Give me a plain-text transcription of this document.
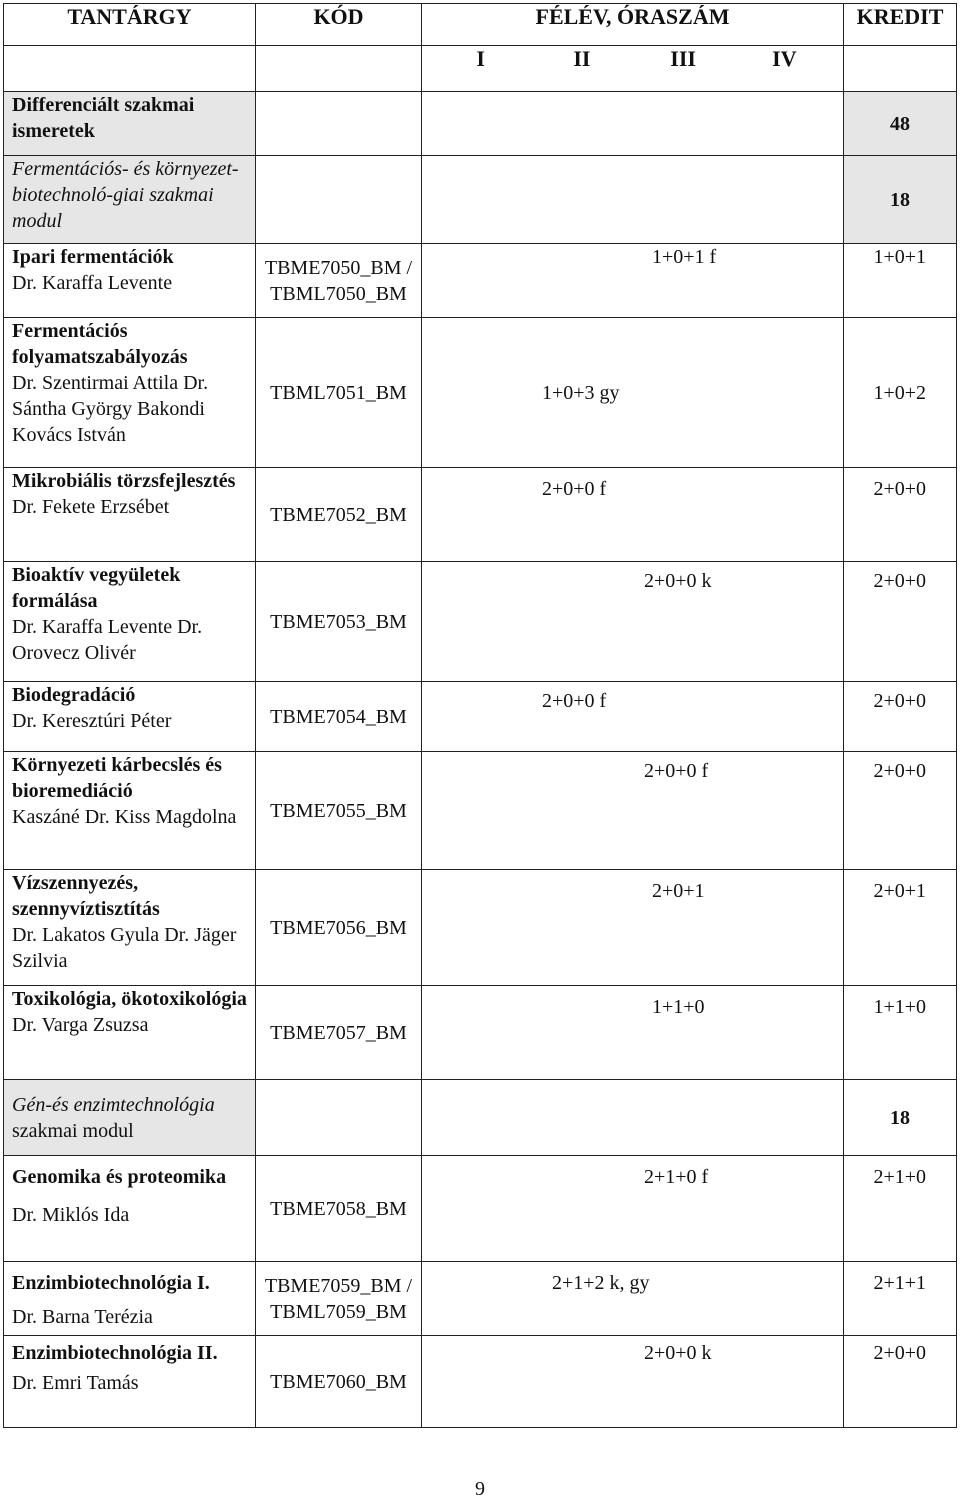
TANTÁRGY	KÓD	FÉLÉV, ÓRASZÁM	KREDIT

		I II III IV	

Differenciált szakmai ismeretek			48
Fermentációs- és környezet-biotechnoló-giai szakmai modul			18

Ipari fermentációk
Dr. Karaffa Levente	TBME7050_BM / TBML7050_BM	1+0+1 f	1+0+1

Fermentációs folyamatszabályozás
Dr. Szentirmai Attila Dr. Sántha György Bakondi Kovács István	TBML7051_BM	1+0+3 gy	1+0+2

Mikrobiális törzsfejlesztés
Dr. Fekete Erzsébet	TBME7052_BM	2+0+0 f	2+0+0

Bioaktív vegyületek formálása
Dr. Karaffa Levente Dr. Orovecz Olivér	TBME7053_BM	2+0+0 k	2+0+0

Biodegradáció
Dr. Keresztúri Péter	TBME7054_BM	2+0+0 f	2+0+0

Környezeti kárbecslés és bioremediáció
Kaszáné Dr. Kiss Magdolna	TBME7055_BM	2+0+0 f	2+0+0

Vízszennyezés, szennyvíztisztítás
Dr. Lakatos Gyula Dr. Jäger Szilvia	TBME7056_BM	2+0+1	2+0+1

Toxikológia, ökotoxikológia
Dr. Varga Zsuzsa	TBME7057_BM	1+1+0	1+1+0
Gén-és enzimtechnológia szakmai modul			18

Genomika és proteomika
Dr. Miklós Ida	TBME7058_BM	2+1+0 f	2+1+0

Enzimbiotechnológia I.
Dr. Barna Terézia	TBME7059_BM / TBML7059_BM	2+1+2 k, gy	2+1+1

Enzimbiotechnológia II.
Dr. Emri Tamás	TBME7060_BM	2+0+0 k	2+0+0
9
